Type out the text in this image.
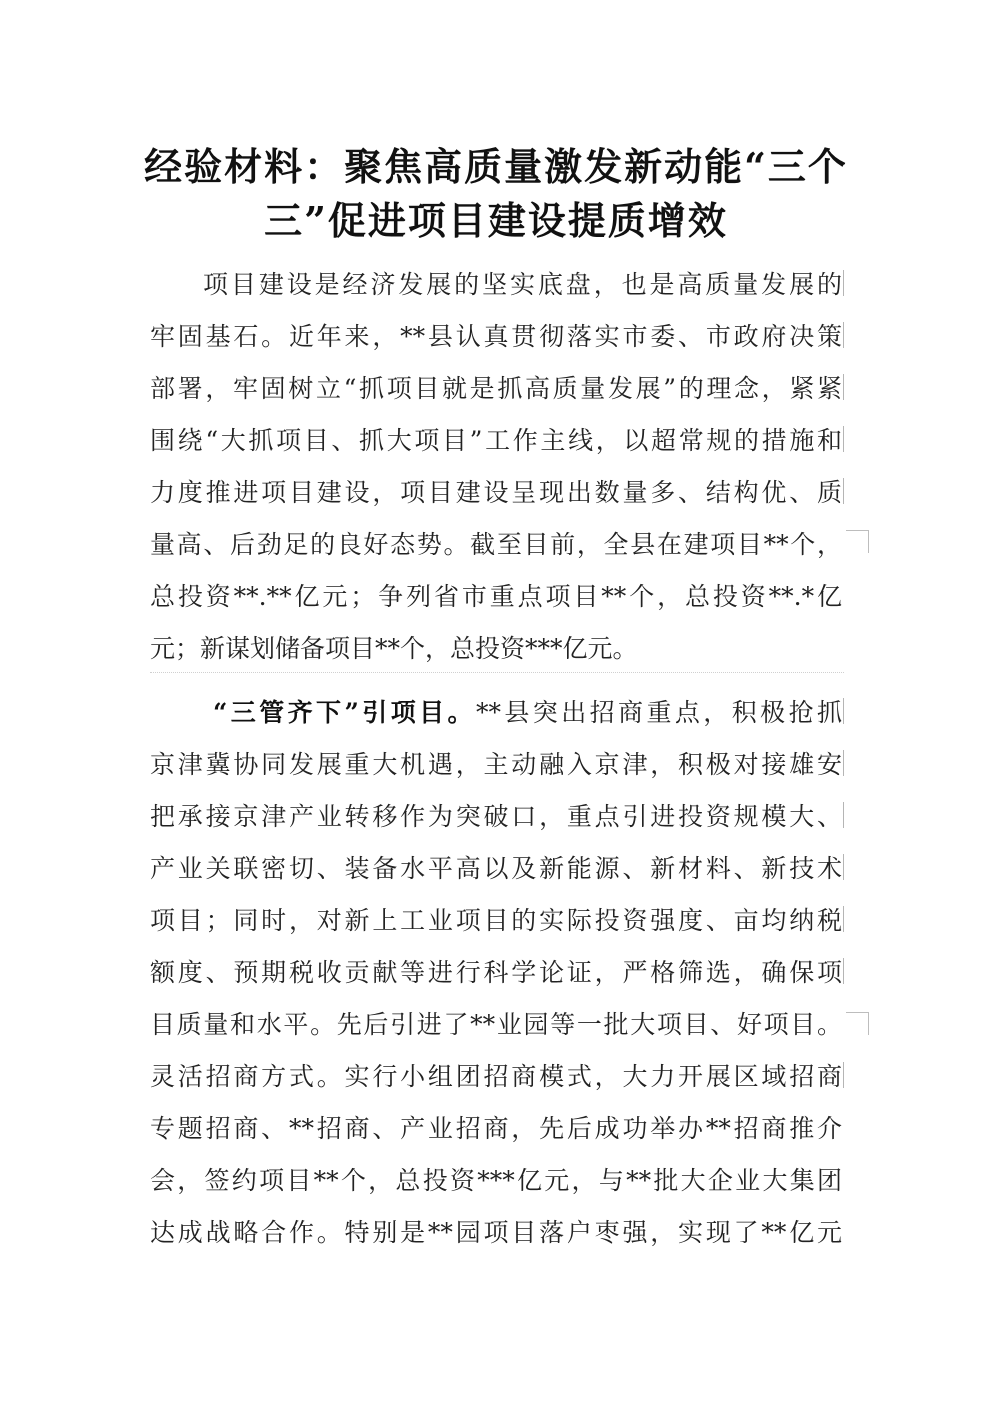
经验材料：聚焦高质量激发新动能“三个
三”促进项目建设提质增效
项目建设是经济发展的坚实底盘，也是高质量发展的
牢固基石。近年来，**县认真贯彻落实市委、市政府决策
部署，牢固树立“抓项目就是抓高质量发展”的理念，紧紧
围绕“大抓项目、抓大项目”工作主线，以超常规的措施和
力度推进项目建设，项目建设呈现出数量多、结构优、质
量高、后劲足的良好态势。截至目前，全县在建项目**个，
总投资**.**亿元；争列省市重点项目**个，总投资**.*亿
元；新谋划储备项目**个，总投资***亿元。
“三管齐下”引项目。**县突出招商重点，积极抢抓
京津冀协同发展重大机遇，主动融入京津，积极对接雄安
把承接京津产业转移作为突破口，重点引进投资规模大、
产业关联密切、装备水平高以及新能源、新材料、新技术
项目；同时，对新上工业项目的实际投资强度、亩均纳税
额度、预期税收贡献等进行科学论证，严格筛选，确保项
目质量和水平。先后引进了**业园等一批大项目、好项目。
灵活招商方式。实行小组团招商模式，大力开展区域招商
专题招商、**招商、产业招商，先后成功举办**招商推介
会，签约项目**个，总投资***亿元，与**批大企业大集团
达成战略合作。特别是**园项目落户枣强，实现了**亿元
